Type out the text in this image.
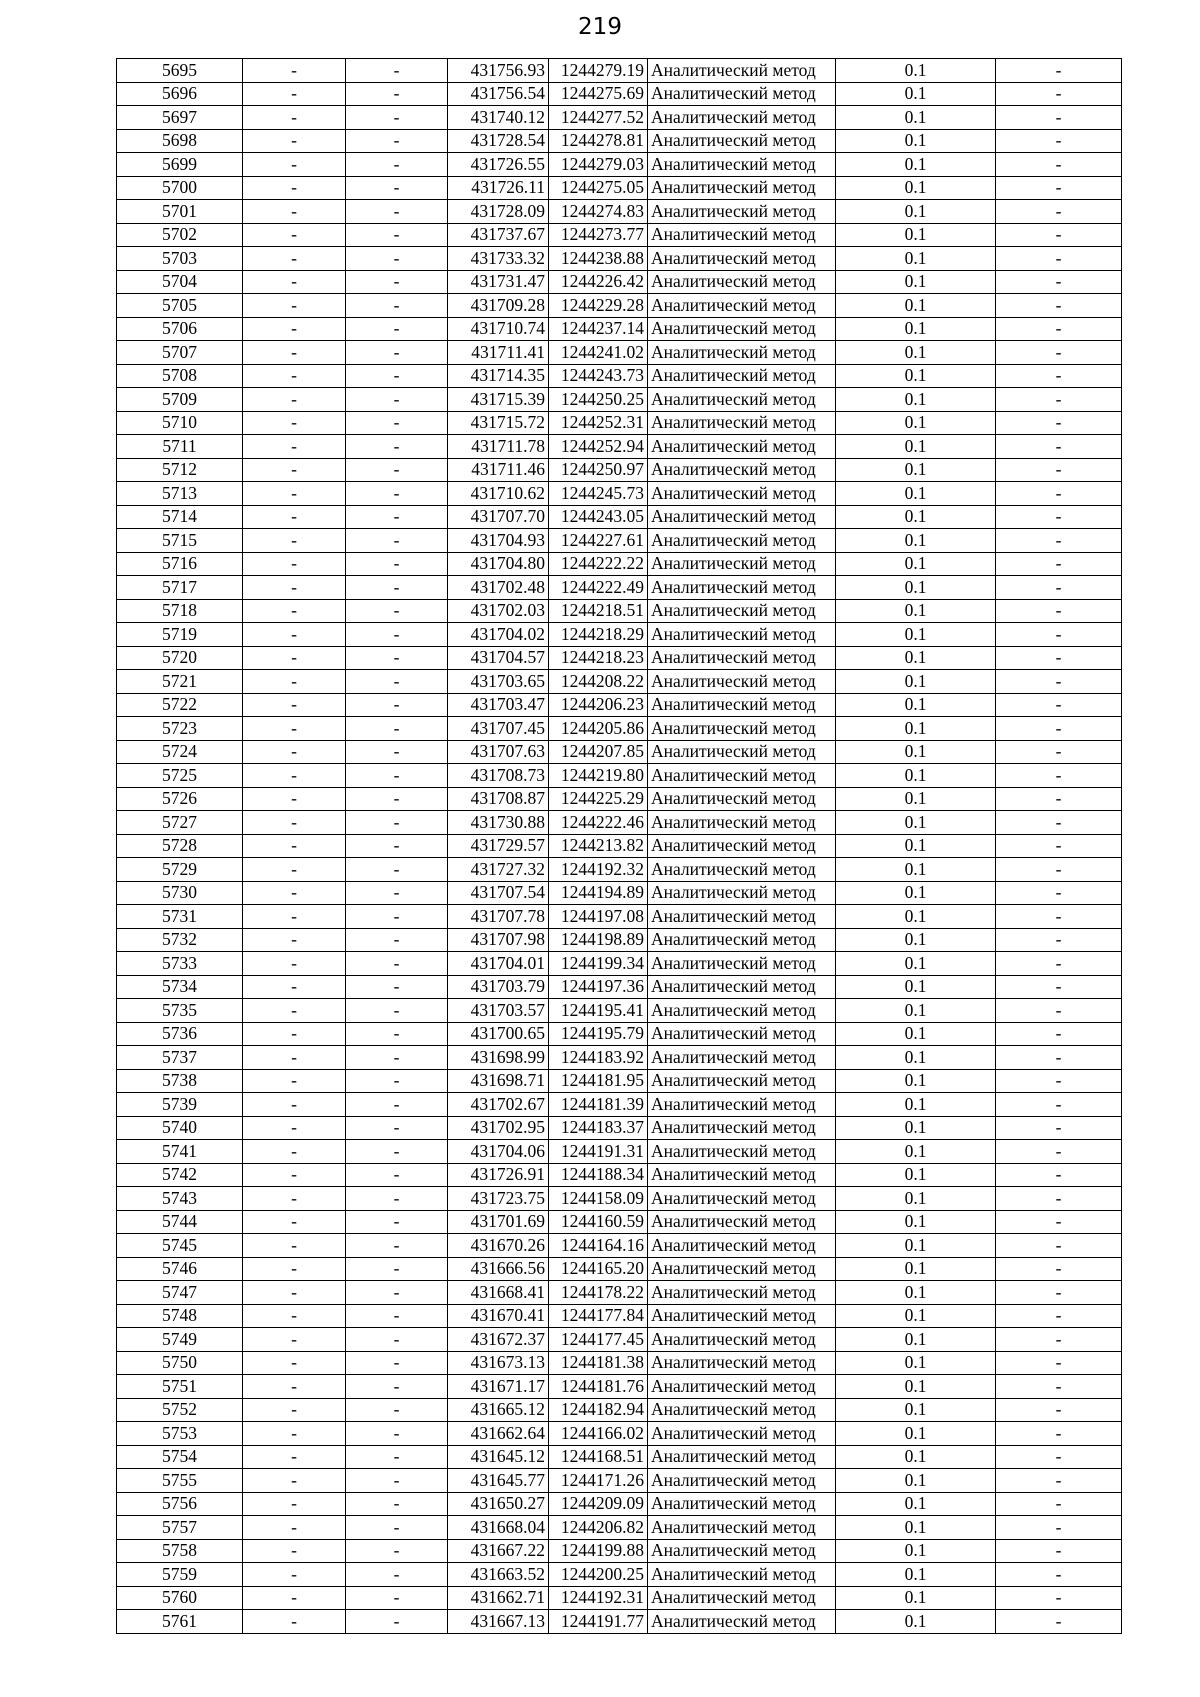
219
5695	-	-	431756.93	1244279.19	Аналитический метод	0.1	-
5696	-	-	431756.54	1244275.69	Аналитический метод	0.1	-
5697	-	-	431740.12	1244277.52	Аналитический метод	0.1	-
5698	-	-	431728.54	1244278.81	Аналитический метод	0.1	-
5699	-	-	431726.55	1244279.03	Аналитический метод	0.1	-
5700	-	-	431726.11	1244275.05	Аналитический метод	0.1	-
5701	-	-	431728.09	1244274.83	Аналитический метод	0.1	-
5702	-	-	431737.67	1244273.77	Аналитический метод	0.1	-
5703	-	-	431733.32	1244238.88	Аналитический метод	0.1	-
5704	-	-	431731.47	1244226.42	Аналитический метод	0.1	-
5705	-	-	431709.28	1244229.28	Аналитический метод	0.1	-
5706	-	-	431710.74	1244237.14	Аналитический метод	0.1	-
5707	-	-	431711.41	1244241.02	Аналитический метод	0.1	-
5708	-	-	431714.35	1244243.73	Аналитический метод	0.1	-
5709	-	-	431715.39	1244250.25	Аналитический метод	0.1	-
5710	-	-	431715.72	1244252.31	Аналитический метод	0.1	-
5711	-	-	431711.78	1244252.94	Аналитический метод	0.1	-
5712	-	-	431711.46	1244250.97	Аналитический метод	0.1	-
5713	-	-	431710.62	1244245.73	Аналитический метод	0.1	-
5714	-	-	431707.70	1244243.05	Аналитический метод	0.1	-
5715	-	-	431704.93	1244227.61	Аналитический метод	0.1	-
5716	-	-	431704.80	1244222.22	Аналитический метод	0.1	-
5717	-	-	431702.48	1244222.49	Аналитический метод	0.1	-
5718	-	-	431702.03	1244218.51	Аналитический метод	0.1	-
5719	-	-	431704.02	1244218.29	Аналитический метод	0.1	-
5720	-	-	431704.57	1244218.23	Аналитический метод	0.1	-
5721	-	-	431703.65	1244208.22	Аналитический метод	0.1	-
5722	-	-	431703.47	1244206.23	Аналитический метод	0.1	-
5723	-	-	431707.45	1244205.86	Аналитический метод	0.1	-
5724	-	-	431707.63	1244207.85	Аналитический метод	0.1	-
5725	-	-	431708.73	1244219.80	Аналитический метод	0.1	-
5726	-	-	431708.87	1244225.29	Аналитический метод	0.1	-
5727	-	-	431730.88	1244222.46	Аналитический метод	0.1	-
5728	-	-	431729.57	1244213.82	Аналитический метод	0.1	-
5729	-	-	431727.32	1244192.32	Аналитический метод	0.1	-
5730	-	-	431707.54	1244194.89	Аналитический метод	0.1	-
5731	-	-	431707.78	1244197.08	Аналитический метод	0.1	-
5732	-	-	431707.98	1244198.89	Аналитический метод	0.1	-
5733	-	-	431704.01	1244199.34	Аналитический метод	0.1	-
5734	-	-	431703.79	1244197.36	Аналитический метод	0.1	-
5735	-	-	431703.57	1244195.41	Аналитический метод	0.1	-
5736	-	-	431700.65	1244195.79	Аналитический метод	0.1	-
5737	-	-	431698.99	1244183.92	Аналитический метод	0.1	-
5738	-	-	431698.71	1244181.95	Аналитический метод	0.1	-
5739	-	-	431702.67	1244181.39	Аналитический метод	0.1	-
5740	-	-	431702.95	1244183.37	Аналитический метод	0.1	-
5741	-	-	431704.06	1244191.31	Аналитический метод	0.1	-
5742	-	-	431726.91	1244188.34	Аналитический метод	0.1	-
5743	-	-	431723.75	1244158.09	Аналитический метод	0.1	-
5744	-	-	431701.69	1244160.59	Аналитический метод	0.1	-
5745	-	-	431670.26	1244164.16	Аналитический метод	0.1	-
5746	-	-	431666.56	1244165.20	Аналитический метод	0.1	-
5747	-	-	431668.41	1244178.22	Аналитический метод	0.1	-
5748	-	-	431670.41	1244177.84	Аналитический метод	0.1	-
5749	-	-	431672.37	1244177.45	Аналитический метод	0.1	-
5750	-	-	431673.13	1244181.38	Аналитический метод	0.1	-
5751	-	-	431671.17	1244181.76	Аналитический метод	0.1	-
5752	-	-	431665.12	1244182.94	Аналитический метод	0.1	-
5753	-	-	431662.64	1244166.02	Аналитический метод	0.1	-
5754	-	-	431645.12	1244168.51	Аналитический метод	0.1	-
5755	-	-	431645.77	1244171.26	Аналитический метод	0.1	-
5756	-	-	431650.27	1244209.09	Аналитический метод	0.1	-
5757	-	-	431668.04	1244206.82	Аналитический метод	0.1	-
5758	-	-	431667.22	1244199.88	Аналитический метод	0.1	-
5759	-	-	431663.52	1244200.25	Аналитический метод	0.1	-
5760	-	-	431662.71	1244192.31	Аналитический метод	0.1	-
5761	-	-	431667.13	1244191.77	Аналитический метод	0.1	-
